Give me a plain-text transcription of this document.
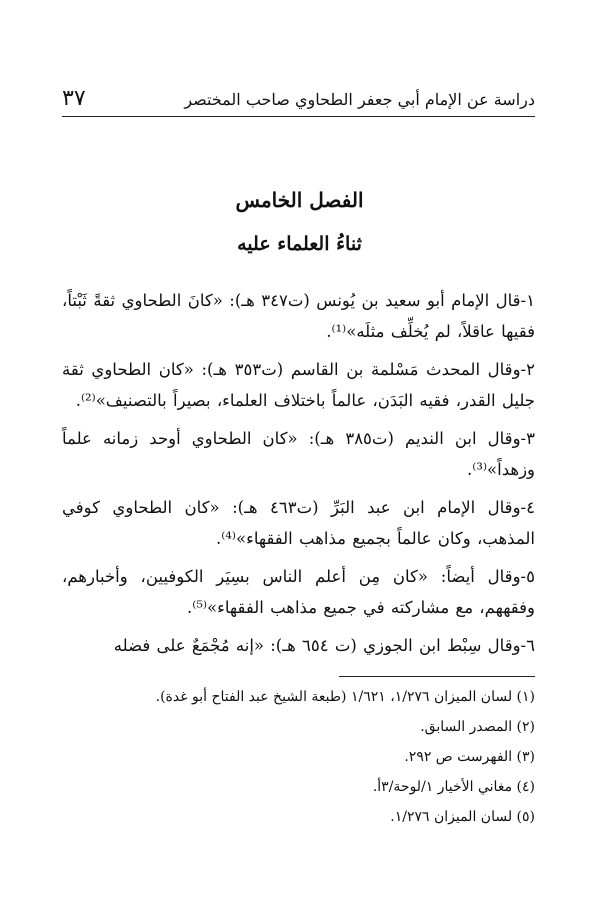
دراسة عن الإمام أبي جعفر الطحاوي صاحب المختصر
٣٧
الفصل الخامس
ثناءُ العلماء عليه

١-قال الإمام أبو سعيد بن يُونس (ت٣٤٧ هـ): «كانَ الطحاوي ثقةً ثَبْتاً، فقيها عاقلاً، لم يُخلِّف مثلَه»⁽¹⁾.

٢-وقال المحدث مَسْلمة بن القاسم (ت٣٥٣ هـ): «كان الطحاوي ثقة جليل القدر، فقيه البَدَن، عالماً باختلاف العلماء، بصيراً بالتصنيف»⁽²⁾.

٣-وقال ابن النديم (ت٣٨٥ هـ): «كان الطحاوي أوحد زمانه علماً وزهداً»⁽³⁾.

٤-وقال الإمام ابن عبد البَرِّ (ت٤٦٣ هـ): «كان الطحاوي كوفي المذهب، وكان عالماً بجميع مذاهب الفقهاء»⁽⁴⁾.

٥-وقال أيضاً: «كان مِن أعلم الناس بسِيَر الكوفيين، وأخبارهم، وفقههم، مع مشاركته في جميع مذاهب الفقهاء»⁽⁵⁾.

٦-وقال سِبْط ابن الجوزي (ت ٦٥٤ هـ): «إنه مُجْمَعٌ على فضله

(١) لسان الميزان ١/٢٧٦، ١/٦٢١ (طبعة الشيخ عبد الفتاح أبو غدة).
(٢) المصدر السابق.
(٣) الفهرست ص ٢٩٢.
(٤) مغاني الأخيار ١/لوحة/٣أ.
(٥) لسان الميزان ١/٢٧٦.
